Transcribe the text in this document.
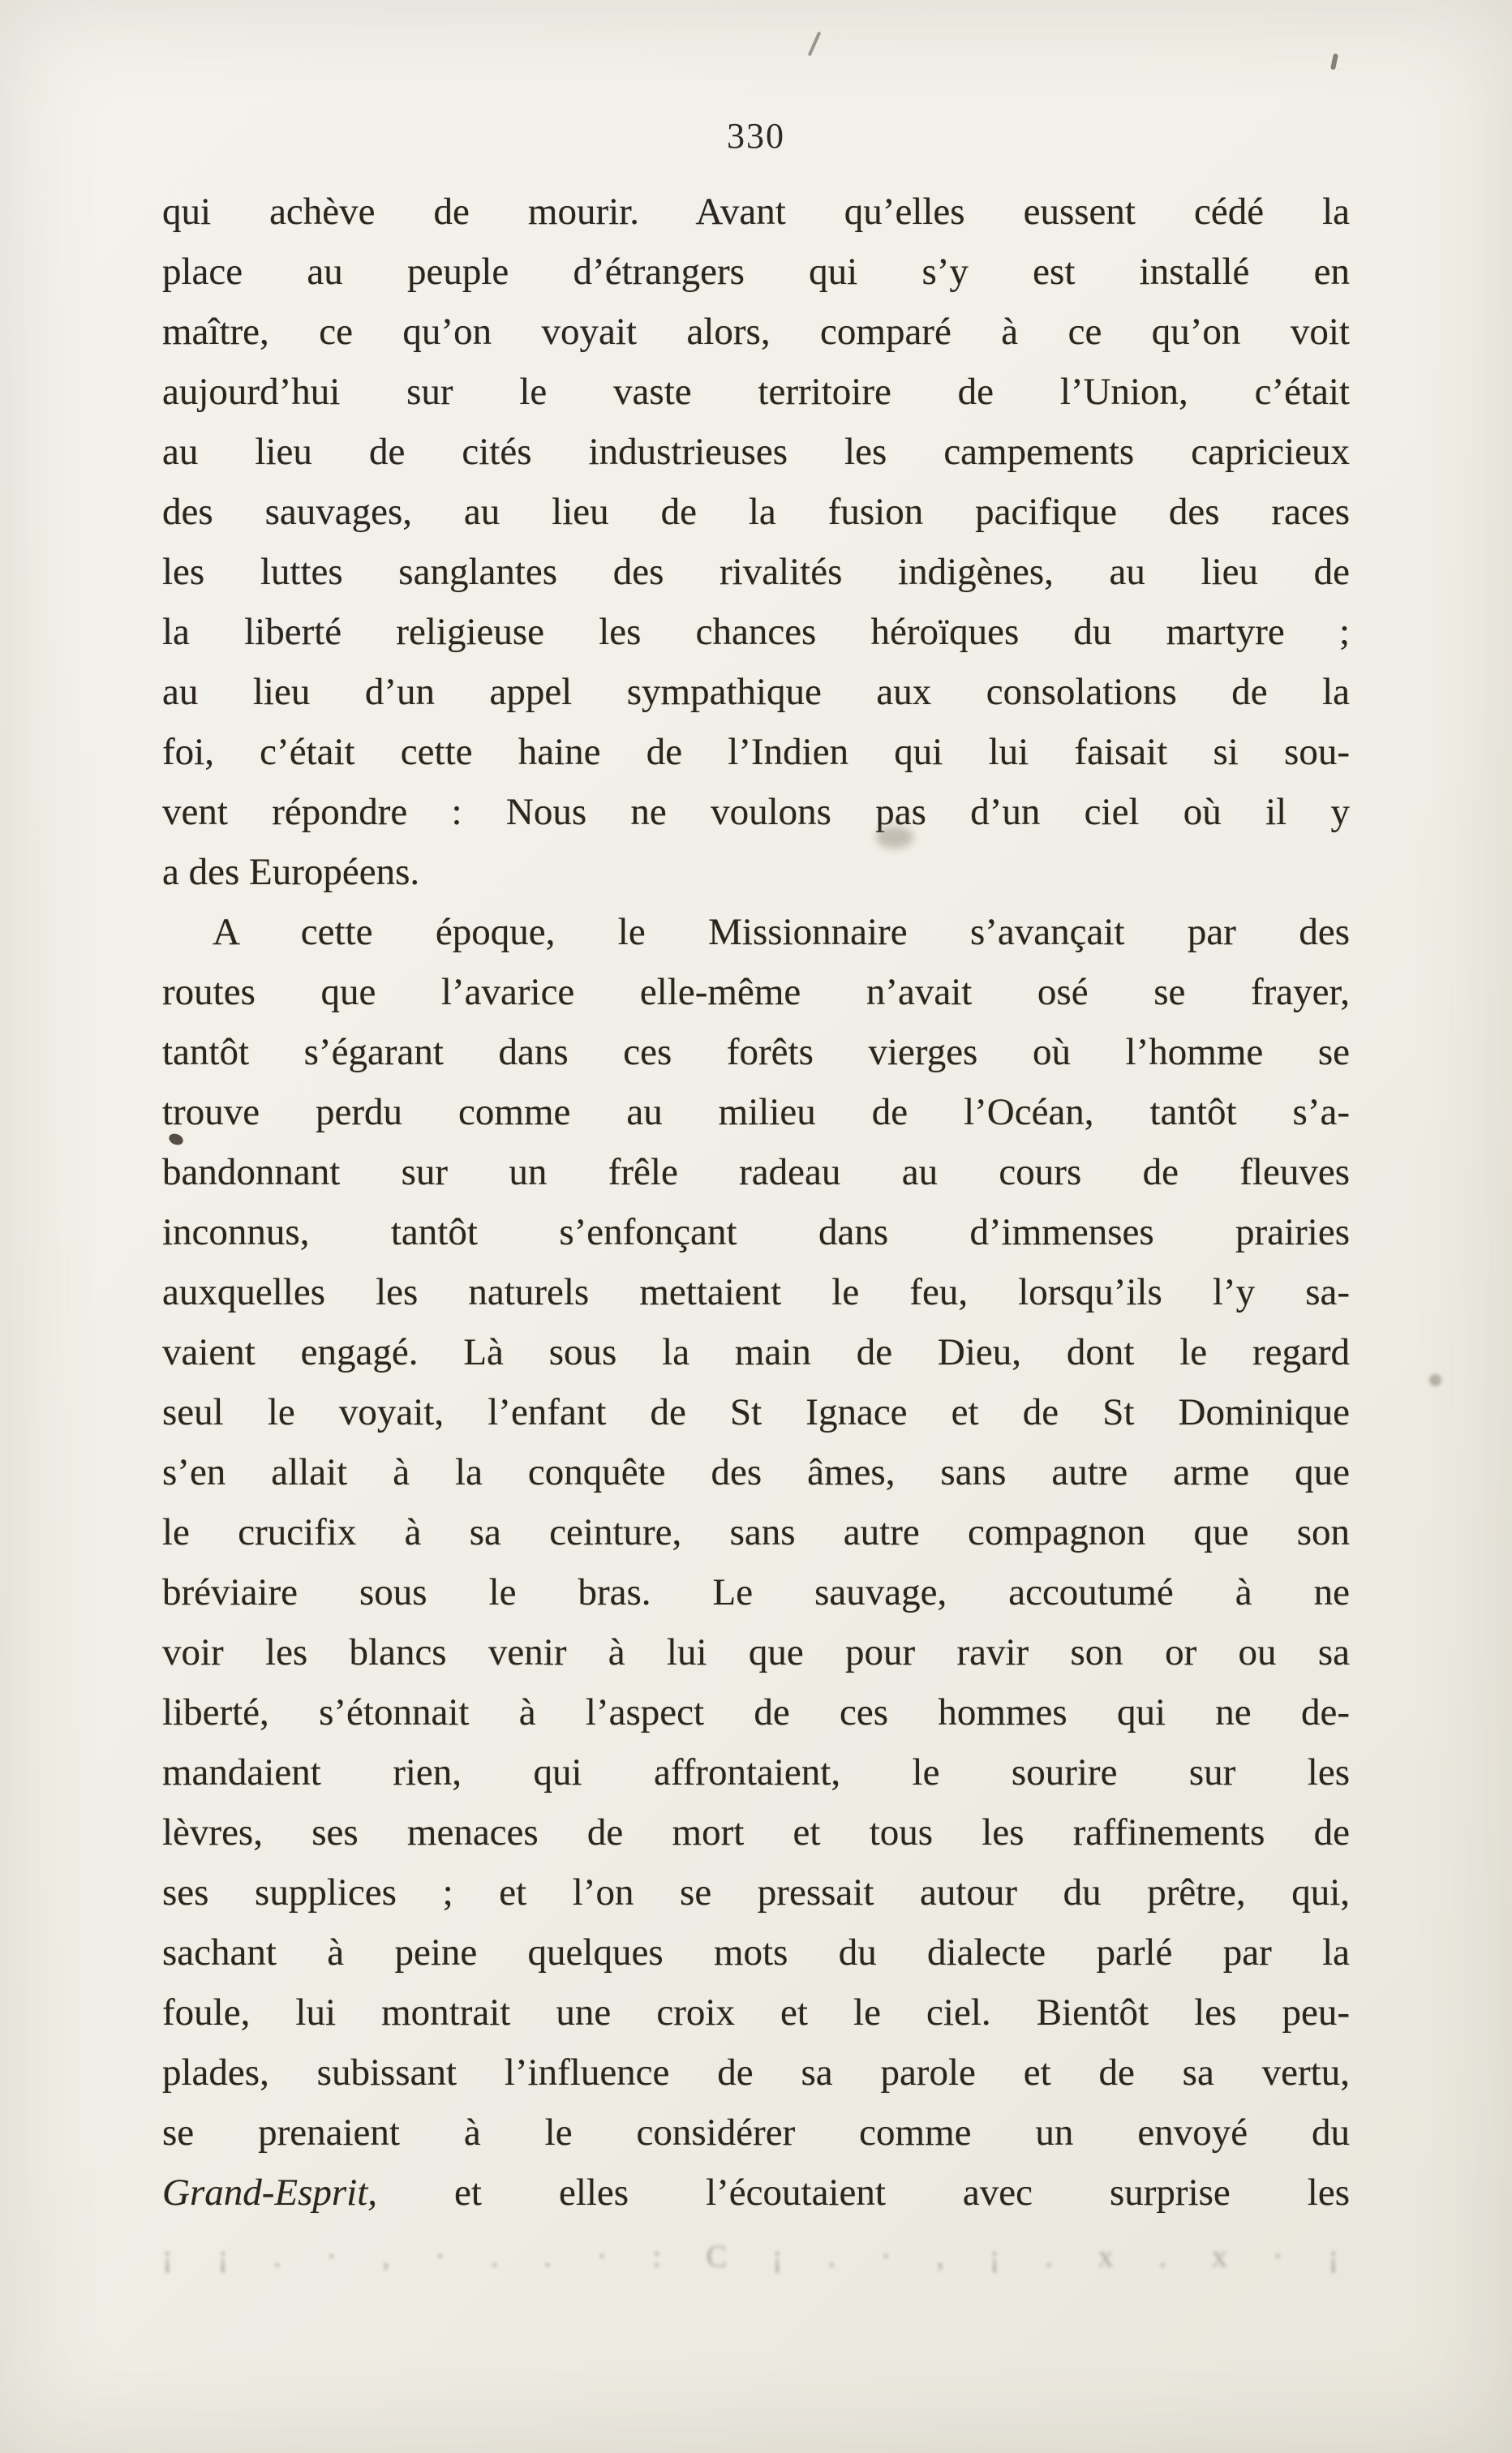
330
qui achève de mourir. Avant qu’elles eussent cédé la
place au peuple d’étrangers qui s’y est installé en
maître, ce qu’on voyait alors, comparé à ce qu’on voit
aujourd’hui sur le vaste territoire de l’Union, c’était
au lieu de cités industrieuses les campements capricieux
des sauvages, au lieu de la fusion pacifique des races
les luttes sanglantes des rivalités indigènes, au lieu de
la liberté religieuse les chances héroïques du martyre ;
au lieu d’un appel sympathique aux consolations de la
foi, c’était cette haine de l’Indien qui lui faisait si sou-
vent répondre : Nous ne voulons pas d’un ciel où il y
a des Européens.
A cette époque, le Missionnaire s’avançait par des
routes que l’avarice elle-même n’avait osé se frayer,
tantôt s’égarant dans ces forêts vierges où l’homme se
trouve perdu comme au milieu de l’Océan, tantôt s’a-
bandonnant sur un frêle radeau au cours de fleuves
inconnus, tantôt s’enfonçant dans d’immenses prairies
auxquelles les naturels mettaient le feu, lorsqu’ils l’y sa-
vaient engagé. Là sous la main de Dieu, dont le regard
seul le voyait, l’enfant de St Ignace et de St Dominique
s’en allait à la conquête des âmes, sans autre arme que
le crucifix à sa ceinture, sans autre compagnon que son
bréviaire sous le bras. Le sauvage, accoutumé à ne
voir les blancs venir à lui que pour ravir son or ou sa
liberté, s’étonnait à l’aspect de ces hommes qui ne de-
mandaient rien, qui affrontaient, le sourire sur les
lèvres, ses menaces de mort et tous les raffinements de
ses supplices ; et l’on se pressait autour du prêtre, qui,
sachant à peine quelques mots du dialecte parlé par la
foule, lui montrait une croix et le ciel. Bientôt les peu-
plades, subissant l’influence de sa parole et de sa vertu,
se prenaient à le considérer comme un envoyé du
Grand-Esprit, et elles l’écoutaient avec surprise les
¡ ¡ . · , · . . · : C ¡ . · , ¡ . x . x · ¡
